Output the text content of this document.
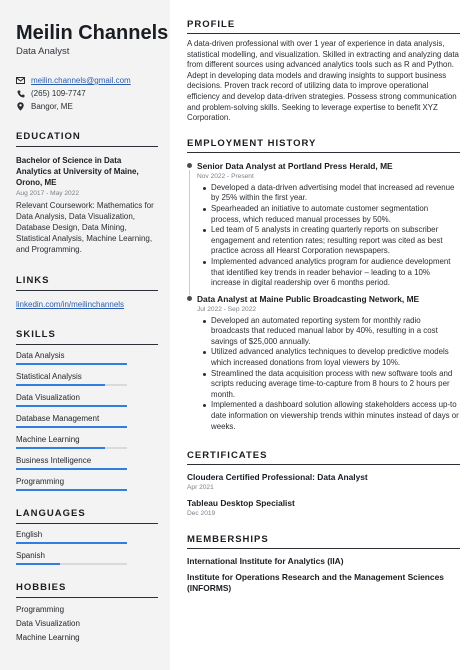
Meilin Channels
Data Analyst
meilin.channels@gmail.com
(265) 109-7747
Bangor, ME
EDUCATION
Bachelor of Science in Data Analytics at University of Maine, Orono, ME
Aug 2017 - May 2022
Relevant Coursework: Mathematics for Data Analysis, Data Visualization, Database Design, Data Mining, Statistical Analysis, Machine Learning, and Programming.
LINKS
linkedin.com/in/meilinchannels
SKILLS
Data Analysis
Statistical Analysis
Data Visualization
Database Management
Machine Learning
Business Intelligence
Programming
LANGUAGES
English
Spanish
HOBBIES
Programming
Data Visualization
Machine Learning
PROFILE
A data-driven professional with over 1 year of experience in data analysis, statistical modelling, and visualization. Skilled in extracting and analyzing data from different sources using advanced analytics tools such as R and Python. Adept in developing data models and drawing insights to support business decisions. Proven track record of utilizing data to improve operational efficiency and develop data-driven strategies. Possess strong communication and problem-solving skills. Seeking to leverage expertise to benefit XYZ Corporation.
EMPLOYMENT HISTORY
Senior Data Analyst at Portland Press Herald, ME
Nov 2022 - Present
Developed a data-driven advertising model that increased ad revenue by 25% within the first year.
Spearheaded an initiative to automate customer segmentation process, which reduced manual processes by 50%.
Led team of 5 analysts in creating quarterly reports on subscriber engagement and retention rates; resulting report was cited as best practice across all Hearst Corporation newspapers.
Implemented advanced analytics program for audience development that identified key trends in reader behavior – leading to a 10% increase in digital readership over 6 months period.
Data Analyst at Maine Public Broadcasting Network, ME
Jul 2022 - Sep 2022
Developed an automated reporting system for monthly radio broadcasts that reduced manual labor by 40%, resulting in a cost savings of $25,000 annually.
Utilized advanced analytics techniques to develop predictive models which increased donations from loyal viewers by 10%.
Streamlined the data acquisition process with new software tools and scripts reducing average time-to-capture from 8 hours to 2 hours per month.
Implemented a dashboard solution allowing stakeholders access up-to date information on viewership trends within minutes instead of days or weeks.
CERTIFICATES
Cloudera Certified Professional: Data Analyst
Apr 2021
Tableau Desktop Specialist
Dec 2019
MEMBERSHIPS
International Institute for Analytics (IIA)
Institute for Operations Research and the Management Sciences (INFORMS)
